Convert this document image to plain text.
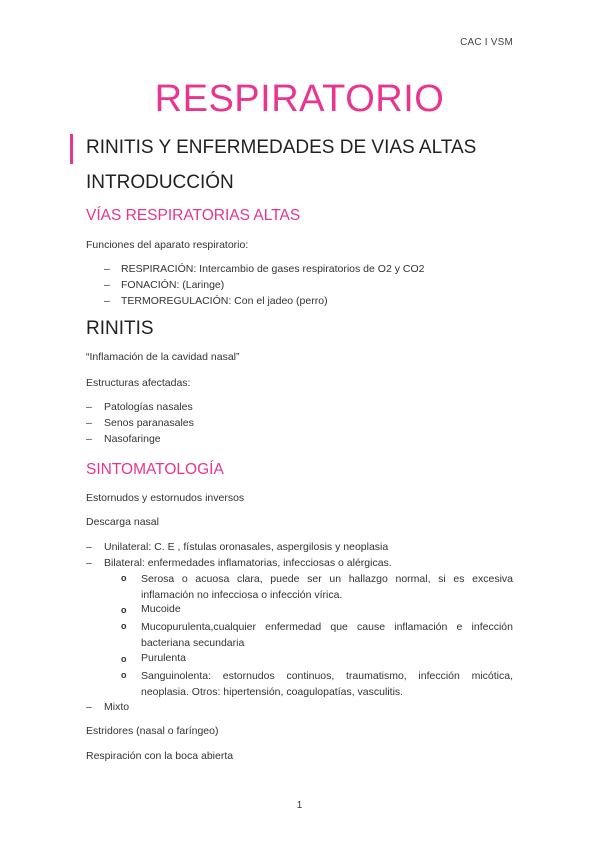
CAC I VSM
RESPIRATORIO
RINITIS Y ENFERMEDADES DE VIAS ALTAS
INTRODUCCIÓN
VÍAS RESPIRATORIAS ALTAS
Funciones del aparato respiratorio:
– RESPIRACIÓN: Intercambio de gases respiratorios de O2 y CO2
– FONACIÓN: (Laringe)
– TERMOREGULACIÓN: Con el jadeo (perro)
RINITIS
“Inflamación de la cavidad nasal”
Estructuras afectadas:
– Patologías nasales
– Senos paranasales
– Nasofaringe
SINTOMATOLOGÍA
Estornudos y estornudos inversos
Descarga nasal
– Unilateral: C. E , fístulas oronasales, aspergilosis y neoplasia
– Bilateral: enfermedades inflamatorias, infecciosas o alérgicas.
o Serosa o acuosa clara, puede ser un hallazgo normal, si es excesiva inflamación no infecciosa o infección vírica.
o Mucoide
o Mucopurulenta,cualquier enfermedad que cause inflamación e infección bacteriana secundaria
o Purulenta
o Sanguinolenta: estornudos continuos, traumatismo, infección micótica, neoplasia. Otros: hipertensión, coagulopatías, vasculitis.
– Mixto
Estridores (nasal o faríngeo)
Respiración con la boca abierta
1
